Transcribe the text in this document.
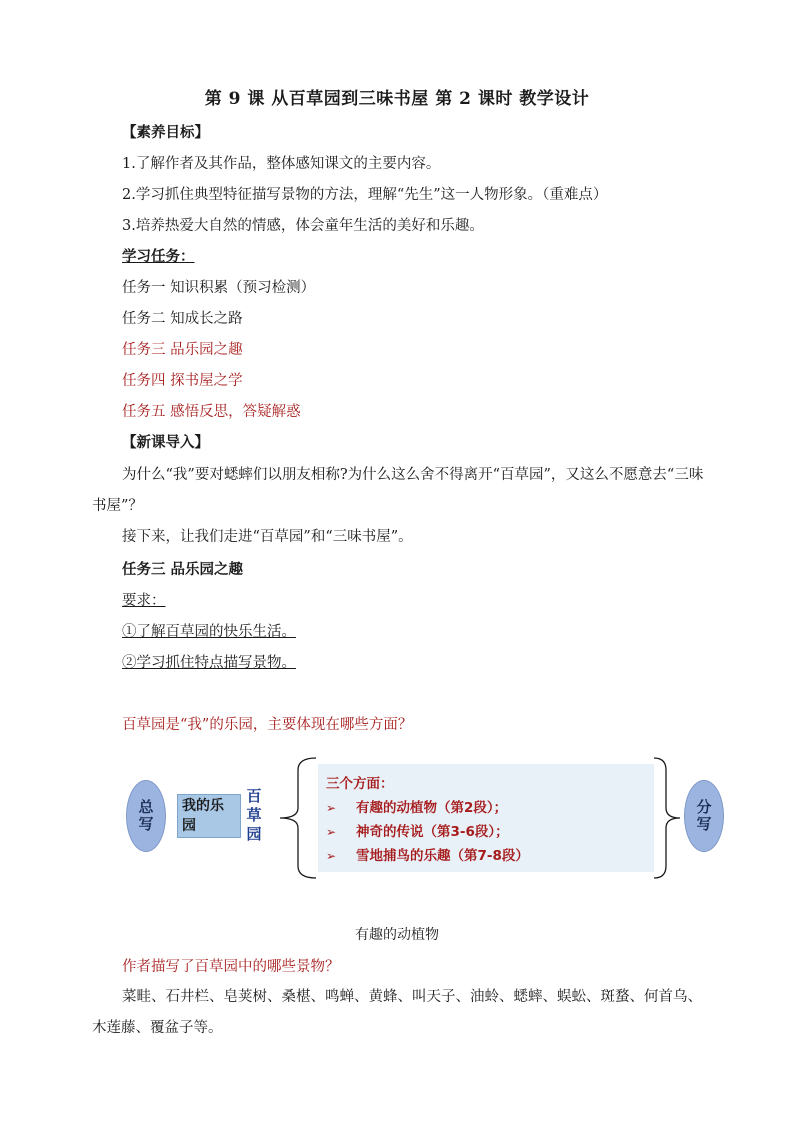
第 9 课 从百草园到三味书屋 第 2 课时 教学设计
【素养目标】
1.了解作者及其作品，整体感知课文的主要内容。
2.学习抓住典型特征描写景物的方法，理解“先生”这一人物形象。（重难点）
3.培养热爱大自然的情感，体会童年生活的美好和乐趣。
学习任务：
任务一 知识积累（预习检测）
任务二 知成长之路
任务三 品乐园之趣
任务四 探书屋之学
任务五 感悟反思，答疑解惑
【新课导入】
为什么“我”要对蟋蟀们以朋友相称?为什么这么舍不得离开“百草园”，又这么不愿意去“三味书屋”？
接下来，让我们走进“百草园”和“三味书屋”。
任务三 品乐园之趣
要求：
①了解百草园的快乐生活。
②学习抓住特点描写景物。
百草园是“我”的乐园，主要体现在哪些方面？
总写	我的乐园
百
草
园
三个方面：
➢ 有趣的动植物（第2段）；
➢ 神奇的传说（第3-6段）；
➢ 雪地捕鸟的乐趣（第7-8段）
分写
有趣的动植物
作者描写了百草园中的哪些景物？
菜畦、石井栏、皂荚树、桑椹、鸣蝉、黄蜂、叫天子、油蛉、蟋蟀、蜈蚣、斑蝥、何首乌、木莲藤、覆盆子等。
